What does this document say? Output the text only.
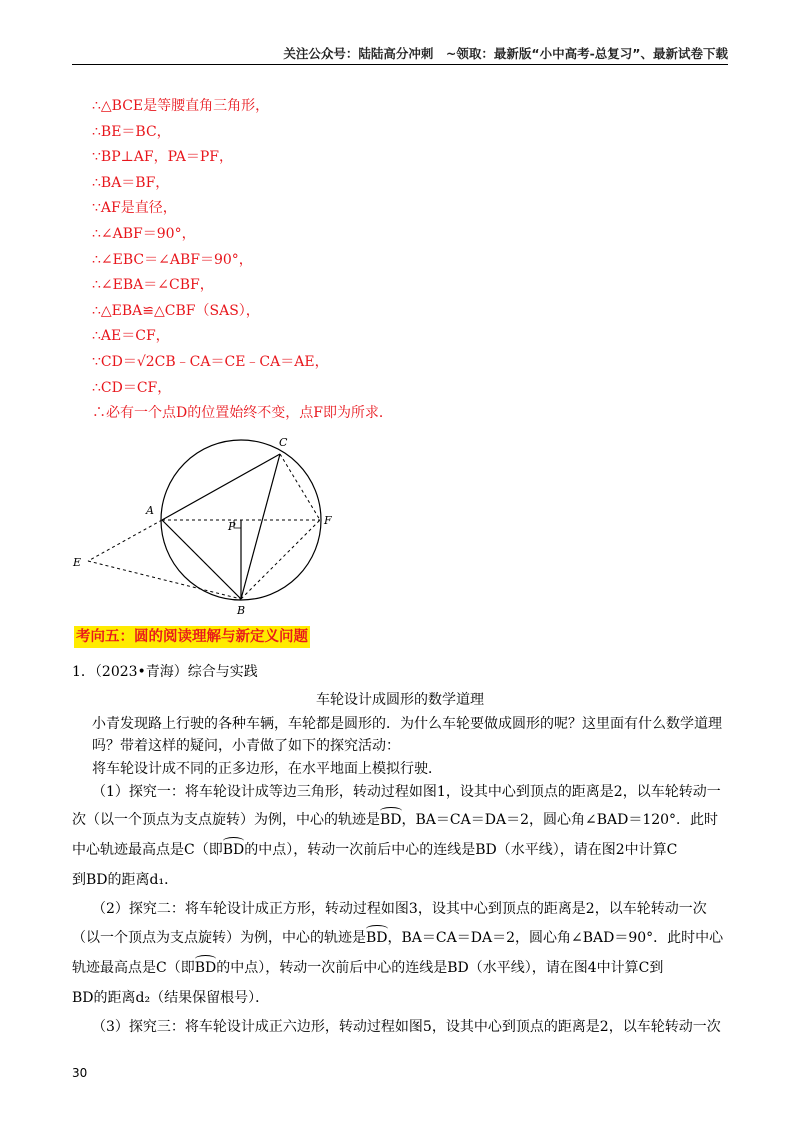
关注公众号：陆陆高分冲刺　~领取：最新版“小中高考-总复习”、最新试卷下载
∴△BCE是等腰直角三角形，
∴BE＝BC，
∵BP⊥AF，PA＝PF，
∴BA＝BF，
∵AF是直径，
∴∠ABF＝90°，
∴∠EBC＝∠ABF＝90°，
∴∠EBA＝∠CBF，
∴△EBA≌△CBF（SAS），
∴AE＝CF，
∵CD＝√2CB﹣CA＝CE﹣CA＝AE，
∴CD＝CF，
∴必有一个点D的位置始终不变，点F即为所求．
C
A
P	F
E
B
考向五：圆的阅读理解与新定义问题
1．（2023•青海）综合与实践
车轮设计成圆形的数学道理
小青发现路上行驶的各种车辆，车轮都是圆形的．为什么车轮要做成圆形的呢？这里面有什么数学道理
吗？带着这样的疑问，小青做了如下的探究活动：
将车轮设计成不同的正多边形，在水平地面上模拟行驶．
（1）探究一：将车轮设计成等边三角形，转动过程如图1，设其中心到顶点的距离是2，以车轮转动一
次（以一个顶点为支点旋转）为例，中心的轨迹是BD，BA＝CA＝DA＝2，圆心角∠BAD＝120°．此时
中心轨迹最高点是C（即BD的中点），转动一次前后中心的连线是BD（水平线），请在图2中计算C
到BD的距离d₁．
（2）探究二：将车轮设计成正方形，转动过程如图3，设其中心到顶点的距离是2，以车轮转动一次
（以一个顶点为支点旋转）为例，中心的轨迹是BD，BA＝CA＝DA＝2，圆心角∠BAD＝90°．此时中心
轨迹最高点是C（即BD的中点），转动一次前后中心的连线是BD（水平线），请在图4中计算C到
BD的距离d₂（结果保留根号）．
（3）探究三：将车轮设计成正六边形，转动过程如图5，设其中心到顶点的距离是2，以车轮转动一次
30
